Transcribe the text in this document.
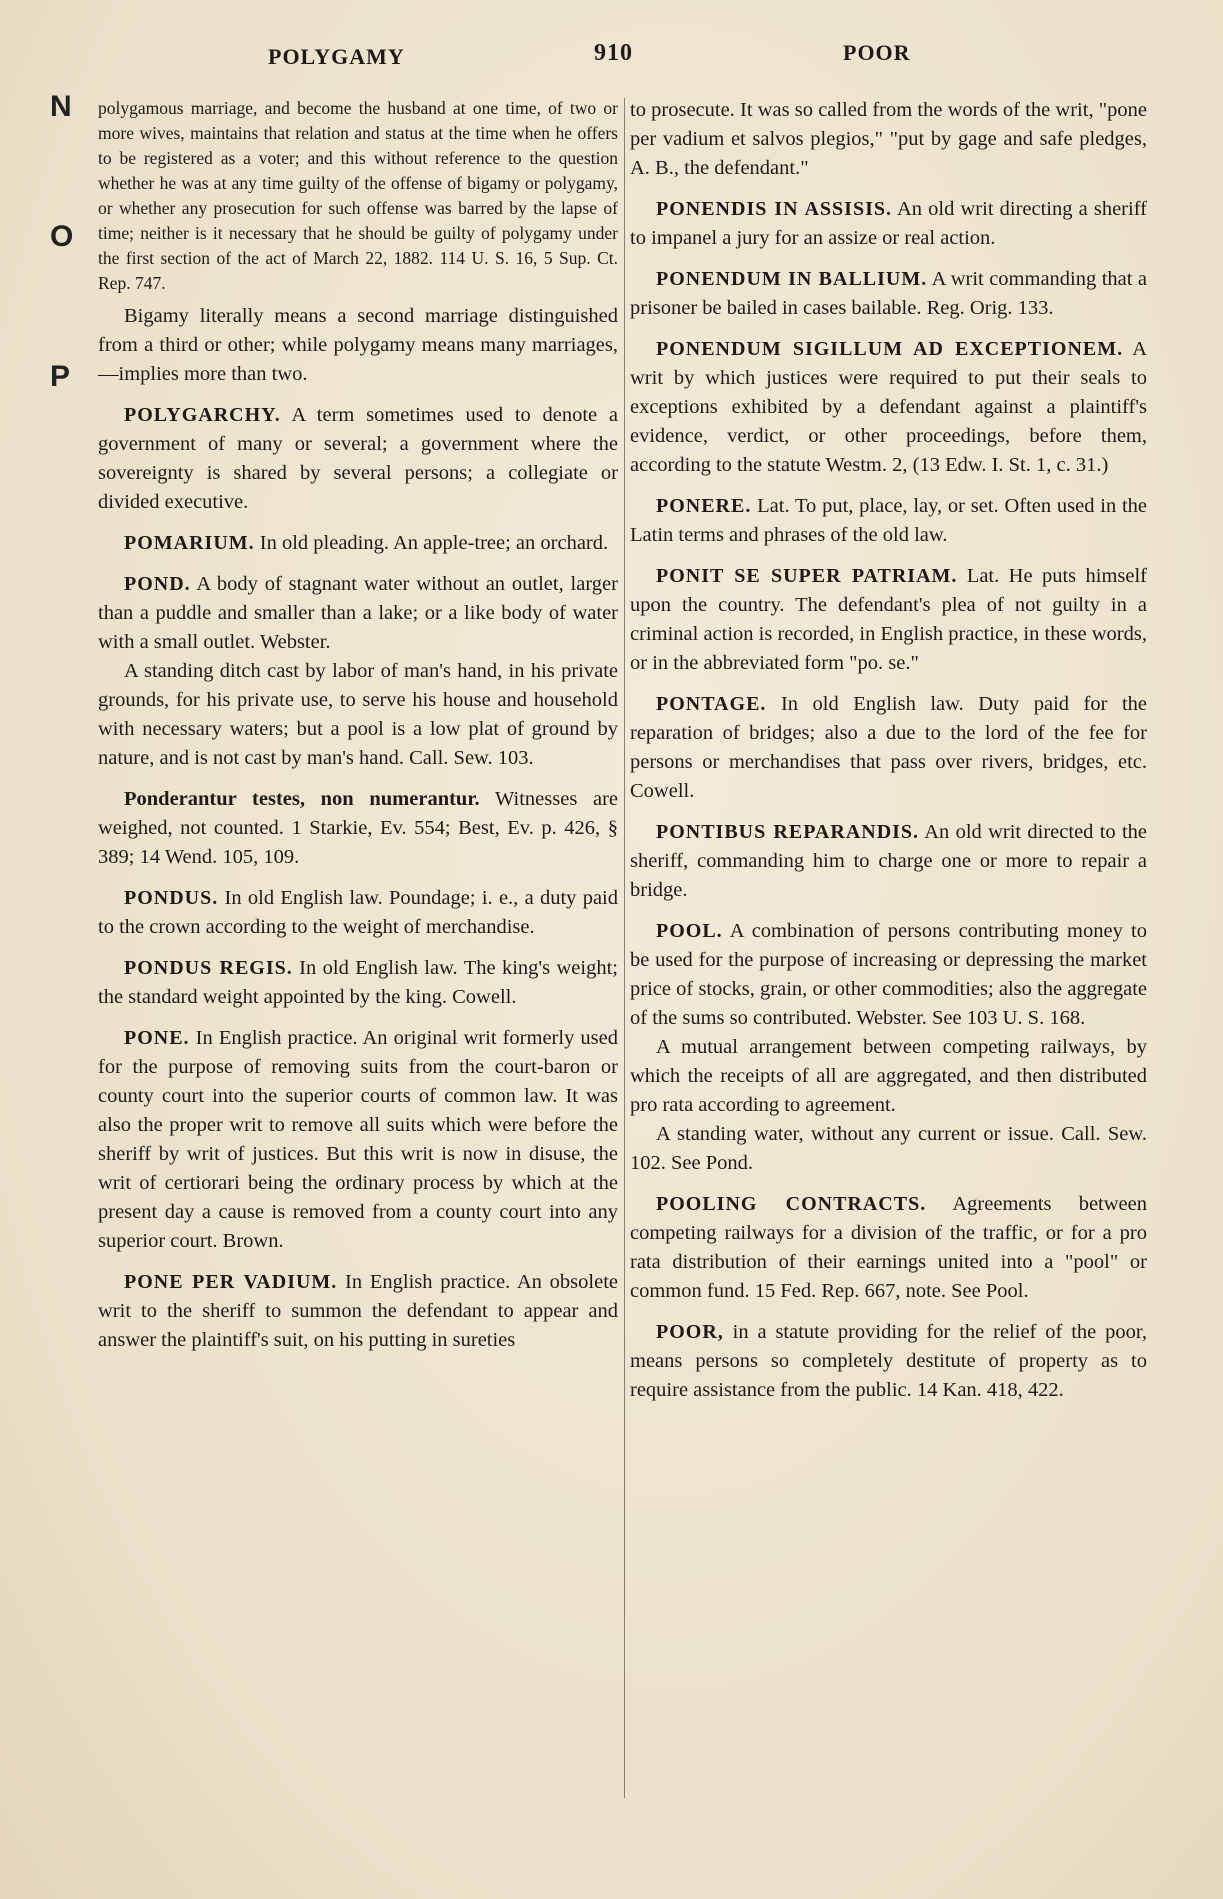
POLYGAMY	910	POOR
N
O
P

polygamous marriage, and become the husband at one time, of two or more wives, maintains that relation and status at the time when he offers to be registered as a voter; and this without reference to the question whether he was at any time guilty of the offense of bigamy or polygamy, or whether any prosecution for such offense was barred by the lapse of time; neither is it necessary that he should be guilty of polygamy under the first section of the act of March 22, 1882. 114 U. S. 16, 5 Sup. Ct. Rep. 747.

Bigamy literally means a second marriage distinguished from a third or other; while polygamy means many marriages,—implies more than two.

POLYGARCHY. A term sometimes used to denote a government of many or several; a government where the sovereignty is shared by several persons; a collegiate or divided executive.

POMARIUM. In old pleading. An apple-tree; an orchard.

POND. A body of stagnant water without an outlet, larger than a puddle and smaller than a lake; or a like body of water with a small outlet. Webster.

A standing ditch cast by labor of man's hand, in his private grounds, for his private use, to serve his house and household with necessary waters; but a pool is a low plat of ground by nature, and is not cast by man's hand. Call. Sew. 103.

Ponderantur testes, non numerantur. Witnesses are weighed, not counted. 1 Starkie, Ev. 554; Best, Ev. p. 426, § 389; 14 Wend. 105, 109.

PONDUS. In old English law. Poundage; i. e., a duty paid to the crown according to the weight of merchandise.

PONDUS REGIS. In old English law. The king's weight; the standard weight appointed by the king. Cowell.

PONE. In English practice. An original writ formerly used for the purpose of removing suits from the court-baron or county court into the superior courts of common law. It was also the proper writ to remove all suits which were before the sheriff by writ of justices. But this writ is now in disuse, the writ of certiorari being the ordinary process by which at the present day a cause is removed from a county court into any superior court. Brown.

PONE PER VADIUM. In English practice. An obsolete writ to the sheriff to summon the defendant to appear and answer the plaintiff's suit, on his putting in sureties

to prosecute. It was so called from the words of the writ, "pone per vadium et salvos plegios," "put by gage and safe pledges, A. B., the defendant."

PONENDIS IN ASSISIS. An old writ directing a sheriff to impanel a jury for an assize or real action.

PONENDUM IN BALLIUM. A writ commanding that a prisoner be bailed in cases bailable. Reg. Orig. 133.

PONENDUM SIGILLUM AD EXCEPTIONEM. A writ by which justices were required to put their seals to exceptions exhibited by a defendant against a plaintiff's evidence, verdict, or other proceedings, before them, according to the statute Westm. 2, (13 Edw. I. St. 1, c. 31.)

PONERE. Lat. To put, place, lay, or set. Often used in the Latin terms and phrases of the old law.

PONIT SE SUPER PATRIAM. Lat. He puts himself upon the country. The defendant's plea of not guilty in a criminal action is recorded, in English practice, in these words, or in the abbreviated form "po. se."

PONTAGE. In old English law. Duty paid for the reparation of bridges; also a due to the lord of the fee for persons or merchandises that pass over rivers, bridges, etc. Cowell.

PONTIBUS REPARANDIS. An old writ directed to the sheriff, commanding him to charge one or more to repair a bridge.

POOL. A combination of persons contributing money to be used for the purpose of increasing or depressing the market price of stocks, grain, or other commodities; also the aggregate of the sums so contributed. Webster. See 103 U. S. 168.

A mutual arrangement between competing railways, by which the receipts of all are aggregated, and then distributed pro rata according to agreement.

A standing water, without any current or issue. Call. Sew. 102. See Pond.

POOLING CONTRACTS. Agreements between competing railways for a division of the traffic, or for a pro rata distribution of their earnings united into a "pool" or common fund. 15 Fed. Rep. 667, note. See Pool.

POOR, in a statute providing for the relief of the poor, means persons so completely destitute of property as to require assistance from the public. 14 Kan. 418, 422.
